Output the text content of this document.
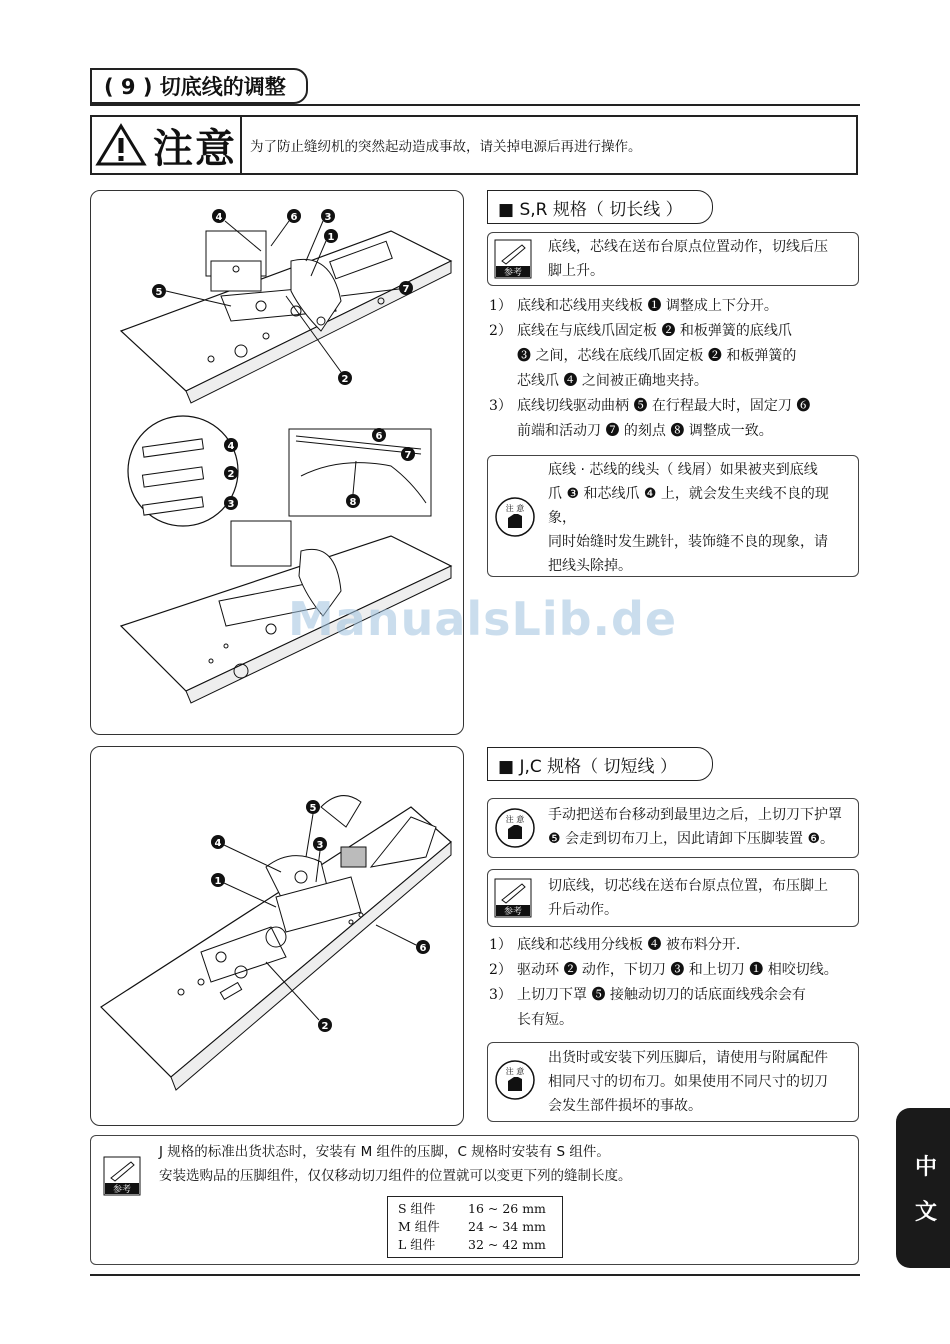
( 9 ) 切底线的调整
注意 为了防止缝纫机的突然起动造成事故，请关掉电源后再进行操作。
4	6	3
1
5	7
2
4
2
3
6
7
8
■ S,R 规格（ 切长线 ）
参考
底线，芯线在送布台原点位置动作，切线后压
脚上升。
1） 底线和芯线用夹线板 ❶ 调整成上下分开。
2） 底线在与底线爪固定板 ❷ 和板弹簧的底线爪
❸ 之间，芯线在底线爪固定板 ❷ 和板弹簧的
芯线爪 ❹ 之间被正确地夹持。
3） 底线切线驱动曲柄 ❺ 在行程最大时，固定刀 ❻
前端和活动刀 ❼ 的刻点 ❽ 调整成一致。
注 意
底线 · 芯线的线头（ 线屑）如果被夹到底线
爪 ❸ 和芯线爪 ❹ 上，就会发生夹线不良的现
象，
同时始缝时发生跳针，装饰缝不良的现象，请
把线头除掉。
ManualsLib.de
5
3
4
1
6
2
■ J,C 规格（ 切短线 ）
注 意 手动把送布台移动到最里边之后，上切刀下护罩
❺ 会走到切布刀上，因此请卸下压脚装置 ❻。
参考
切底线，切芯线在送布台原点位置，布压脚上
升后动作。
1） 底线和芯线用分线板 ❹ 被布料分开.
2） 驱动环 ❷ 动作，下切刀 ❸ 和上切刀 ❶ 相咬切线。
3） 上切刀下罩 ❺ 接触动切刀的话底面线残余会有
长有短。
注 意
出货时或安装下列压脚后，请使用与附属配件
相同尺寸的切布刀。如果使用不同尺寸的切刀
会发生部件损坏的事故。
参考
J 规格的标准出货状态时，安装有 M 组件的压脚，C 规格时安装有 S 组件。
安装选购品的压脚组件，仅仅移动切刀组件的位置就可以变更下列的缝制长度。
S 组件	16 ~ 26 mm
M 组件	24 ~ 34 mm
L 组件	32 ~ 42 mm
中
文
